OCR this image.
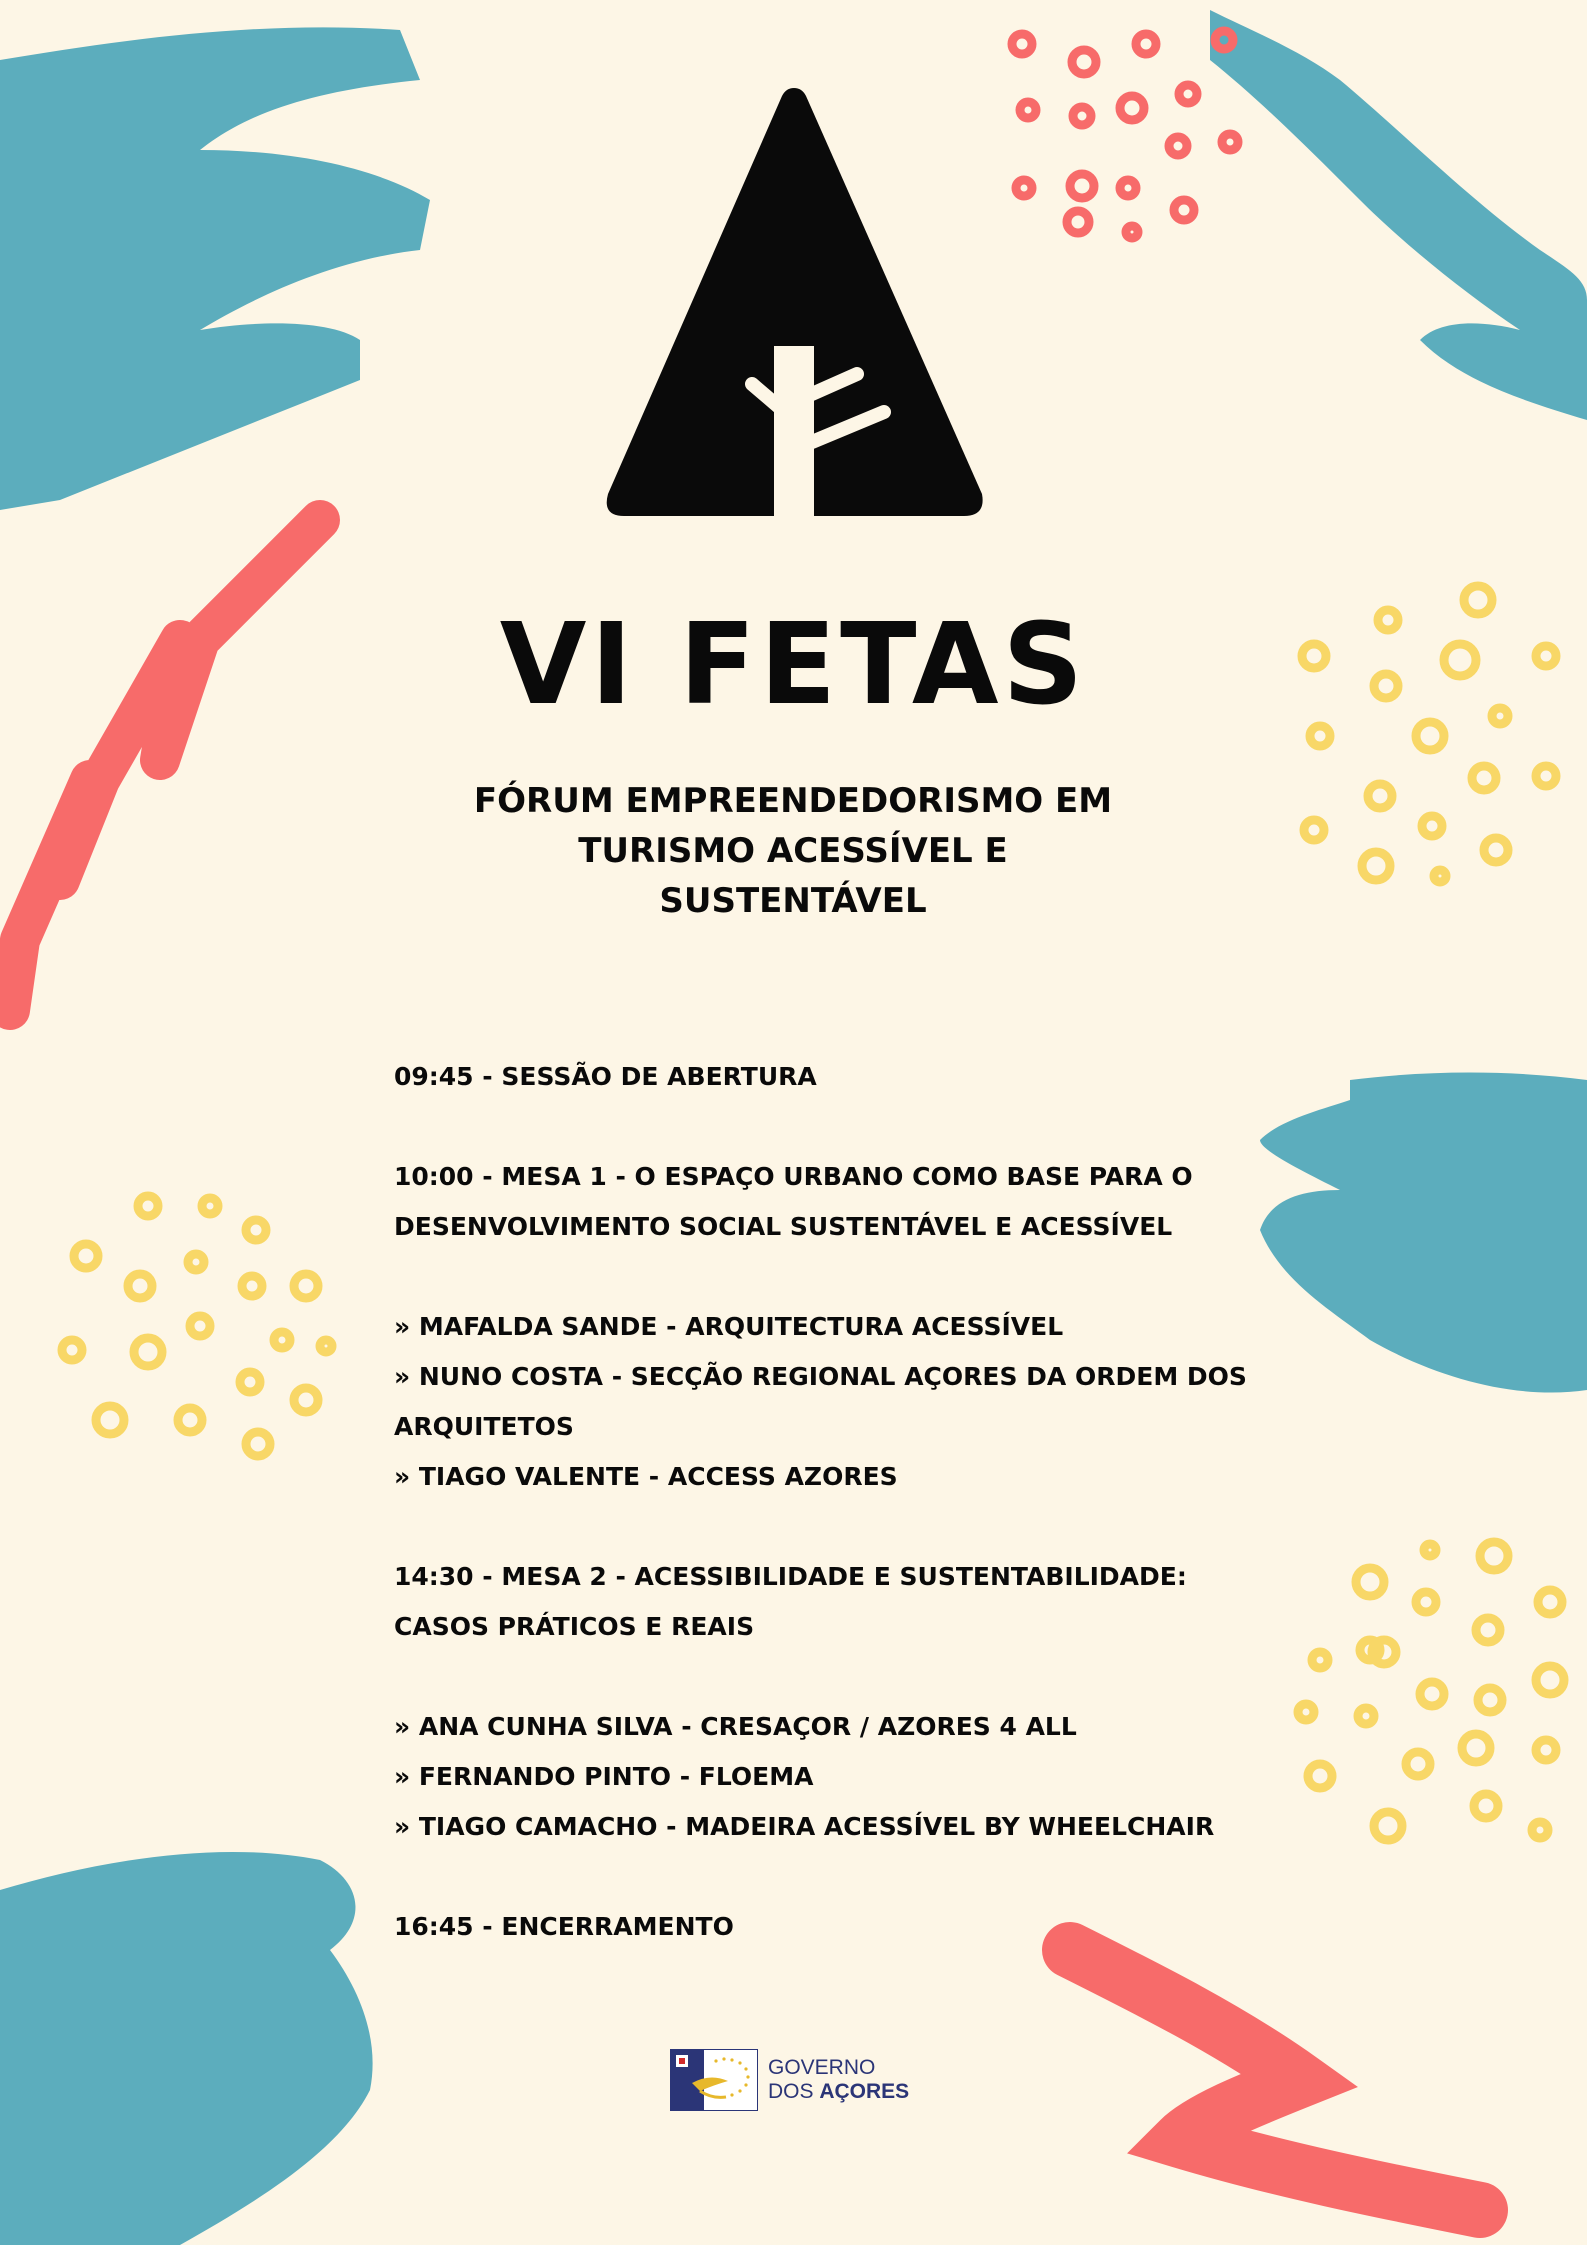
VI FETAS
FÓRUM EMPREENDEDORISMO EM
TURISMO ACESSÍVEL E
SUSTENTÁVEL
09:45 - SESSÃO DE ABERTURA
10:00 - MESA 1 - O ESPAÇO URBANO COMO BASE PARA O
DESENVOLVIMENTO SOCIAL SUSTENTÁVEL E ACESSÍVEL
» MAFALDA SANDE - ARQUITECTURA ACESSÍVEL
» NUNO COSTA - SECÇÃO REGIONAL AÇORES DA ORDEM DOS
ARQUITETOS
» TIAGO VALENTE - ACCESS AZORES
14:30 - MESA 2 - ACESSIBILIDADE E SUSTENTABILIDADE:
CASOS PRÁTICOS E REAIS
» ANA CUNHA SILVA - CRESAÇOR / AZORES 4 ALL
» FERNANDO PINTO - FLOEMA
» TIAGO CAMACHO - MADEIRA ACESSÍVEL BY WHEELCHAIR
16:45 - ENCERRAMENTO
GOVERNO
DOS AÇORES
